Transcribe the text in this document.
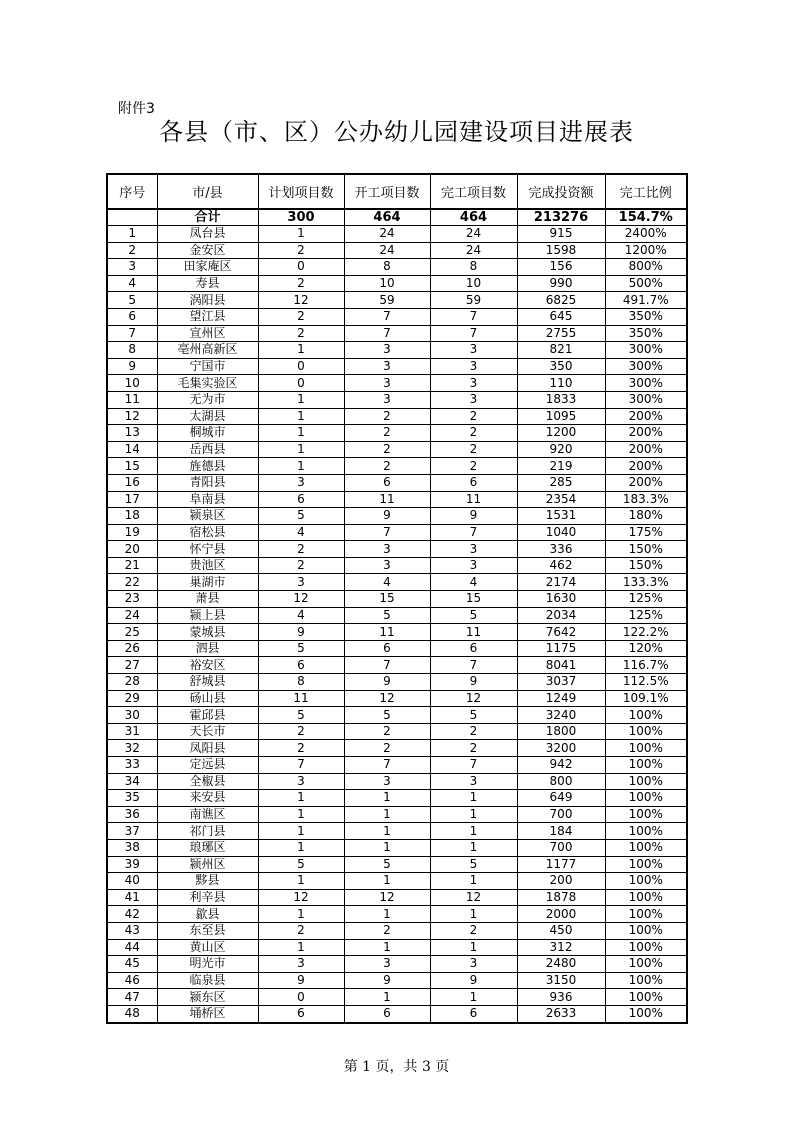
附件3
各县（市、区）公办幼儿园建设项目进展表
序号	市/县	计划项目数	开工项目数	完工项目数	完成投资额	完工比例
	合计	300	464	464	213276	154.7%
1	凤台县	1	24	24	915	2400%
2	金安区	2	24	24	1598	1200%
3	田家庵区	0	8	8	156	800%
4	寿县	2	10	10	990	500%
5	涡阳县	12	59	59	6825	491.7%
6	望江县	2	7	7	645	350%
7	宣州区	2	7	7	2755	350%
8	亳州高新区	1	3	3	821	300%
9	宁国市	0	3	3	350	300%
10	毛集实验区	0	3	3	110	300%
11	无为市	1	3	3	1833	300%
12	太湖县	1	2	2	1095	200%
13	桐城市	1	2	2	1200	200%
14	岳西县	1	2	2	920	200%
15	旌德县	1	2	2	219	200%
16	青阳县	3	6	6	285	200%
17	阜南县	6	11	11	2354	183.3%
18	颍泉区	5	9	9	1531	180%
19	宿松县	4	7	7	1040	175%
20	怀宁县	2	3	3	336	150%
21	贵池区	2	3	3	462	150%
22	巢湖市	3	4	4	2174	133.3%
23	萧县	12	15	15	1630	125%
24	颍上县	4	5	5	2034	125%
25	蒙城县	9	11	11	7642	122.2%
26	泗县	5	6	6	1175	120%
27	裕安区	6	7	7	8041	116.7%
28	舒城县	8	9	9	3037	112.5%
29	砀山县	11	12	12	1249	109.1%
30	霍邱县	5	5	5	3240	100%
31	天长市	2	2	2	1800	100%
32	凤阳县	2	2	2	3200	100%
33	定远县	7	7	7	942	100%
34	全椒县	3	3	3	800	100%
35	来安县	1	1	1	649	100%
36	南谯区	1	1	1	700	100%
37	祁门县	1	1	1	184	100%
38	琅琊区	1	1	1	700	100%
39	颍州区	5	5	5	1177	100%
40	黟县	1	1	1	200	100%
41	利辛县	12	12	12	1878	100%
42	歙县	1	1	1	2000	100%
43	东至县	2	2	2	450	100%
44	黄山区	1	1	1	312	100%
45	明光市	3	3	3	2480	100%
46	临泉县	9	9	9	3150	100%
47	颍东区	0	1	1	936	100%
48	埇桥区	6	6	6	2633	100%
第 1 页，共 3 页
